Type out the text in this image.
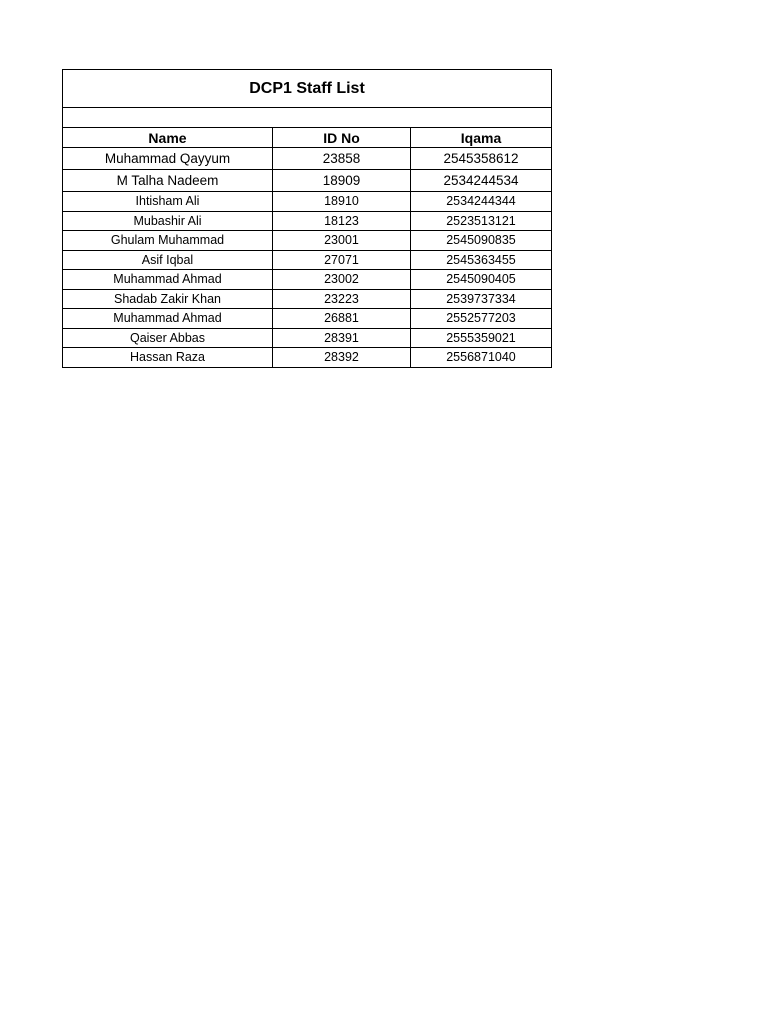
DCP1 Staff List		

Name	ID No	Iqama
Muhammad Qayyum	23858	2545358612
M Talha Nadeem	18909	2534244534
Ihtisham Ali	18910	2534244344
Mubashir Ali	18123	2523513121
Ghulam Muhammad	23001	2545090835
Asif Iqbal	27071	2545363455
Muhammad Ahmad	23002	2545090405
Shadab Zakir Khan	23223	2539737334
Muhammad Ahmad	26881	2552577203
Qaiser Abbas	28391	2555359021
Hassan Raza	28392	2556871040
